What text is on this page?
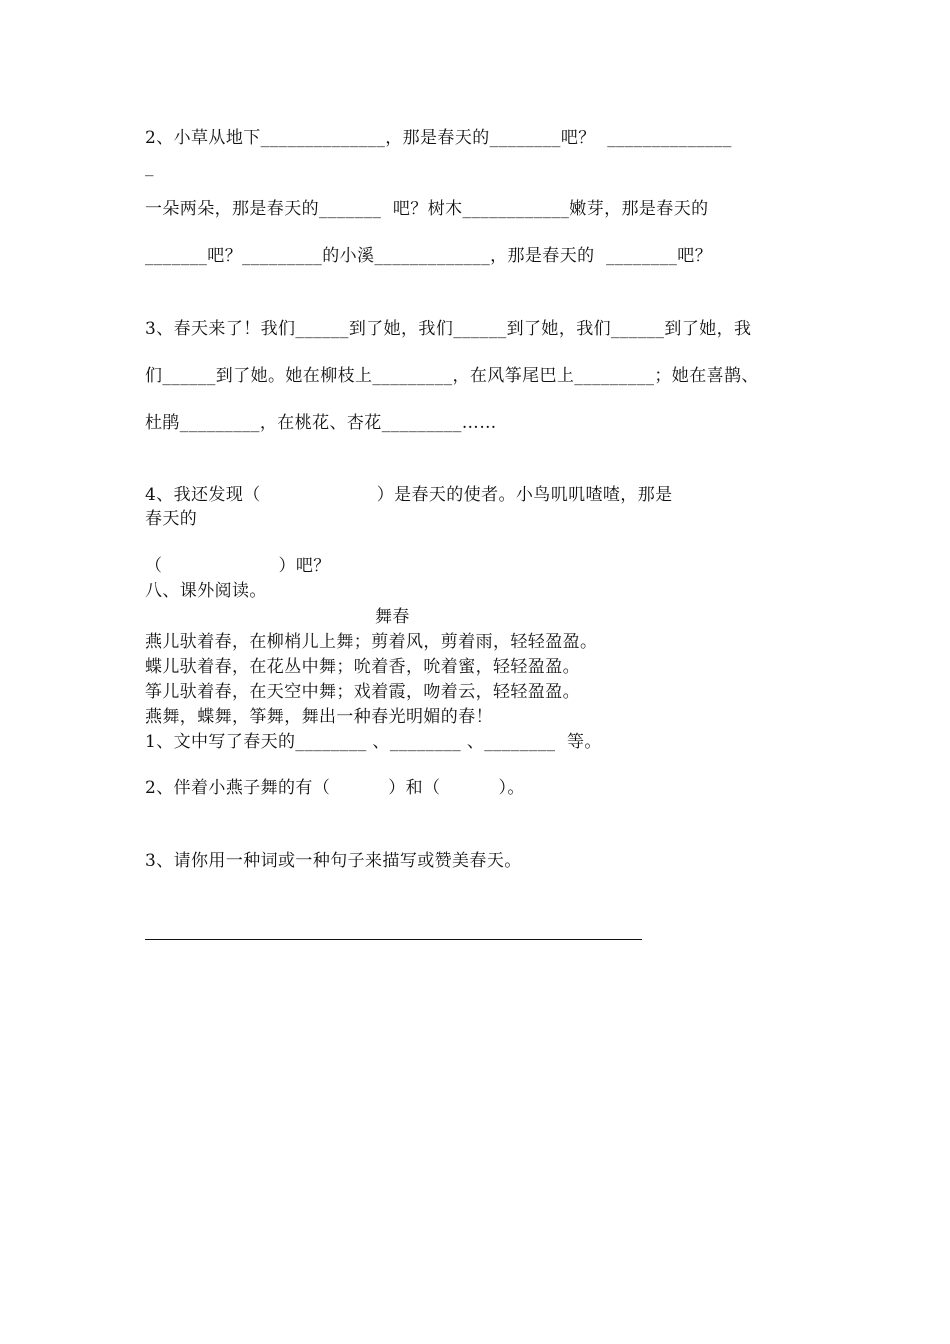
2、小草从地下______________，那是春天的________吧？  ______________
_
一朵两朵，那是春天的_______  吧？树木____________嫩芽，那是春天的
_______吧？_________的小溪_____________，那是春天的  ________吧？
3、春天来了！我们______到了她，我们______到了她，我们______到了她，我
们______到了她。她在柳枝上_________，在风筝尾巴上_________；她在喜鹊、
杜鹃_________，在桃花、杏花_________……
4、我还发现（                    ）是春天的使者。小鸟叽叽喳喳，那是
春天的
（                    ）吧？
八、课外阅读。
舞春
燕儿驮着春，在柳梢儿上舞；剪着风，剪着雨，轻轻盈盈。
蝶儿驮着春，在花丛中舞；吮着香，吮着蜜，轻轻盈盈。
筝儿驮着春，在天空中舞；戏着霞，吻着云，轻轻盈盈。
燕舞，蝶舞，筝舞，舞出一种春光明媚的春！
1、文中写了春天的________ 、________ 、________  等。
2、伴着小燕子舞的有（          ）和（          ）。
3、请你用一种词或一种句子来描写或赞美春天。
